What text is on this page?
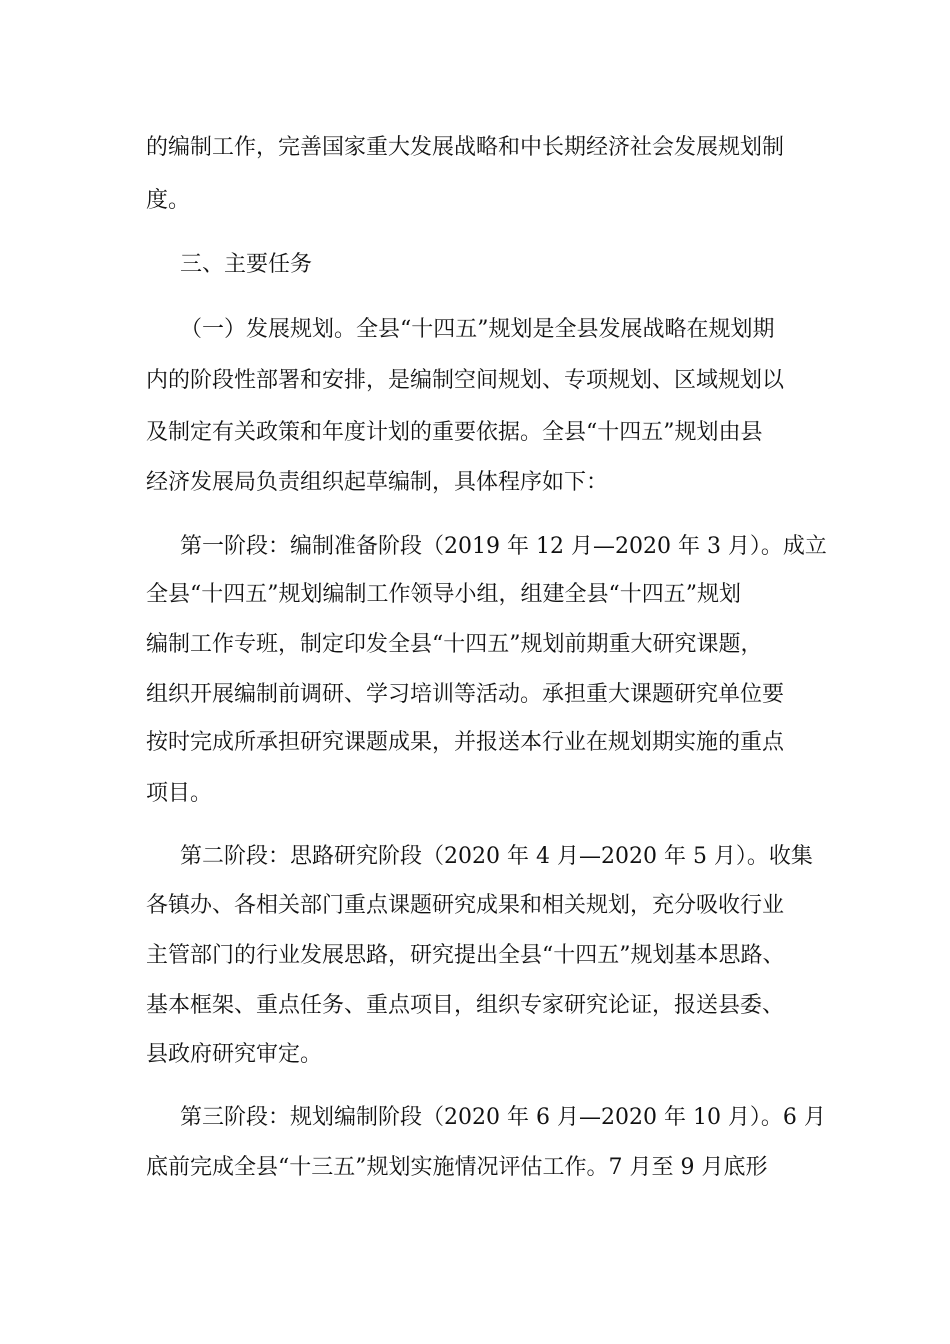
的编制工作，完善国家重大发展战略和中长期经济社会发展规划制
度。
三、主要任务
（一）发展规划。全县“十四五”规划是全县发展战略在规划期
内的阶段性部署和安排，是编制空间规划、专项规划、区域规划以
及制定有关政策和年度计划的重要依据。全县“十四五”规划由县
经济发展局负责组织起草编制，具体程序如下：
第一阶段：编制准备阶段（2019 年 12 月—2020 年 3 月）。成立
全县“十四五”规划编制工作领导小组，组建全县“十四五”规划
编制工作专班，制定印发全县“十四五”规划前期重大研究课题，
组织开展编制前调研、学习培训等活动。承担重大课题研究单位要
按时完成所承担研究课题成果，并报送本行业在规划期实施的重点
项目。
第二阶段：思路研究阶段（2020 年 4 月—2020 年 5 月）。收集
各镇办、各相关部门重点课题研究成果和相关规划，充分吸收行业
主管部门的行业发展思路，研究提出全县“十四五”规划基本思路、
基本框架、重点任务、重点项目，组织专家研究论证，报送县委、
县政府研究审定。
第三阶段：规划编制阶段（2020 年 6 月—2020 年 10 月）。6 月
底前完成全县“十三五”规划实施情况评估工作。7 月至 9 月底形
